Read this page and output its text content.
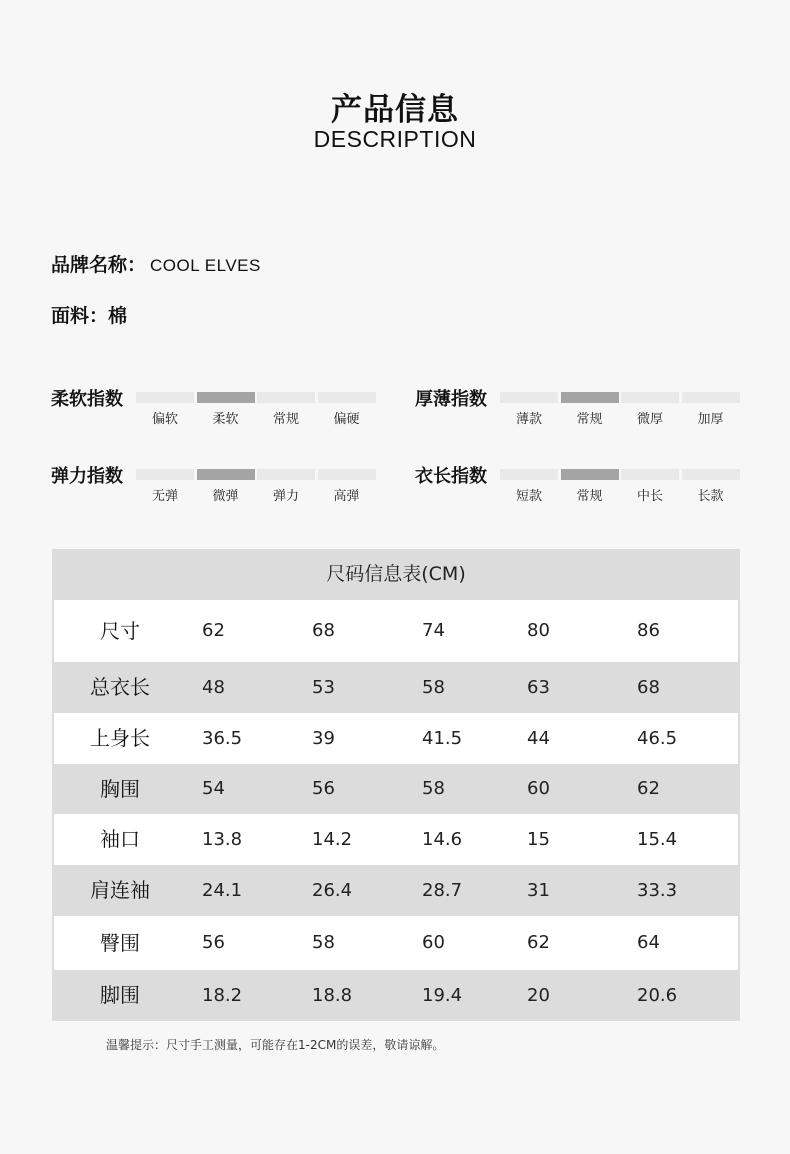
产品信息
DESCRIPTION
品牌名称： COOL ELVES
面料：棉
柔软指数
偏软	柔软	常规	偏硬
厚薄指数
薄款	常规	微厚	加厚
弹力指数
无弹	微弹	弹力	高弹
衣长指数
短款	常规	中长	长款
尺码信息表(CM)
尺寸	62	68	74	80	86
总衣长	48	53	58	63	68
上身长	36.5	39	41.5	44	46.5
胸围	54	56	58	60	62
袖口	13.8	14.2	14.6	15	15.4
肩连袖	24.1	26.4	28.7	31	33.3
臀围	56	58	60	62	64
脚围	18.2	18.8	19.4	20	20.6
温馨提示：尺寸手工测量，可能存在1-2CM的误差，敬请谅解。
